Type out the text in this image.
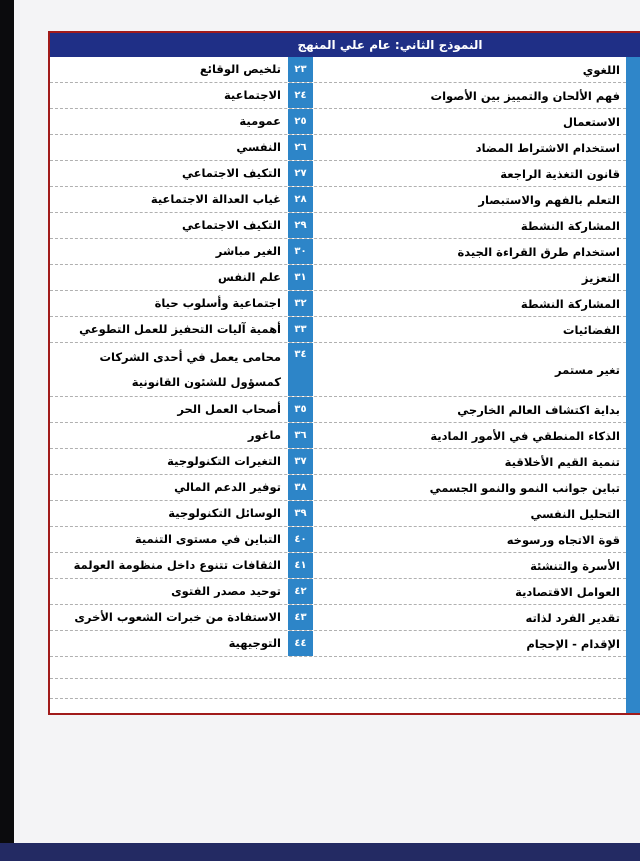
النموذج الثاني: عام علي المنهج
اللغوي
٢٣
تلخيص الوقائع
فهم الألحان والتمييز بين الأصوات
٢٤
الاجتماعية
الاستعمال
٢٥
عمومية
استخدام الاشتراط المضاد
٢٦
النفسي
قانون التغذية الراجعة
٢٧
التكيف الاجتماعي
التعلم بالفهم والاستبصار
٢٨
غياب العدالة الاجتماعية
المشاركة النشطة
٢٩
التكيف الاجتماعي
استخدام طرق القراءة الجيدة
٣٠
الغير مباشر
التعزيز
٣١
علم النفس
المشاركة النشطة
٣٢
اجتماعية وأسلوب حياة
الفضائيات
٣٣
أهمية آليات التحفيز للعمل التطوعي
تغير مستمر
٣٤
محامى يعمل في أحدى الشركات كمسؤول للشئون القانونية
بداية اكتشاف العالم الخارجي
٣٥
أصحاب العمل الحر
الذكاء المنطقي في الأمور المادية
٣٦
ماغور
تنمية القيم الأخلاقية
٣٧
التغيرات التكنولوجية
تباين جوانب النمو والنمو الجسمي
٣٨
توفير الدعم المالي
التحليل النفسي
٣٩
الوسائل التكنولوجية
قوة الاتجاه ورسوخه
٤٠
التباين في مستوى التنمية
الأسرة والتنشئة
٤١
الثقافات تتنوع داخل منظومة العولمة
العوامل الاقتصادية
٤٢
توحيد مصدر الفتوى
تقدير الفرد لذاته
٤٣
الاستفادة من خبرات الشعوب الأخرى
الإقدام - الإحجام
٤٤
التوجيهية
